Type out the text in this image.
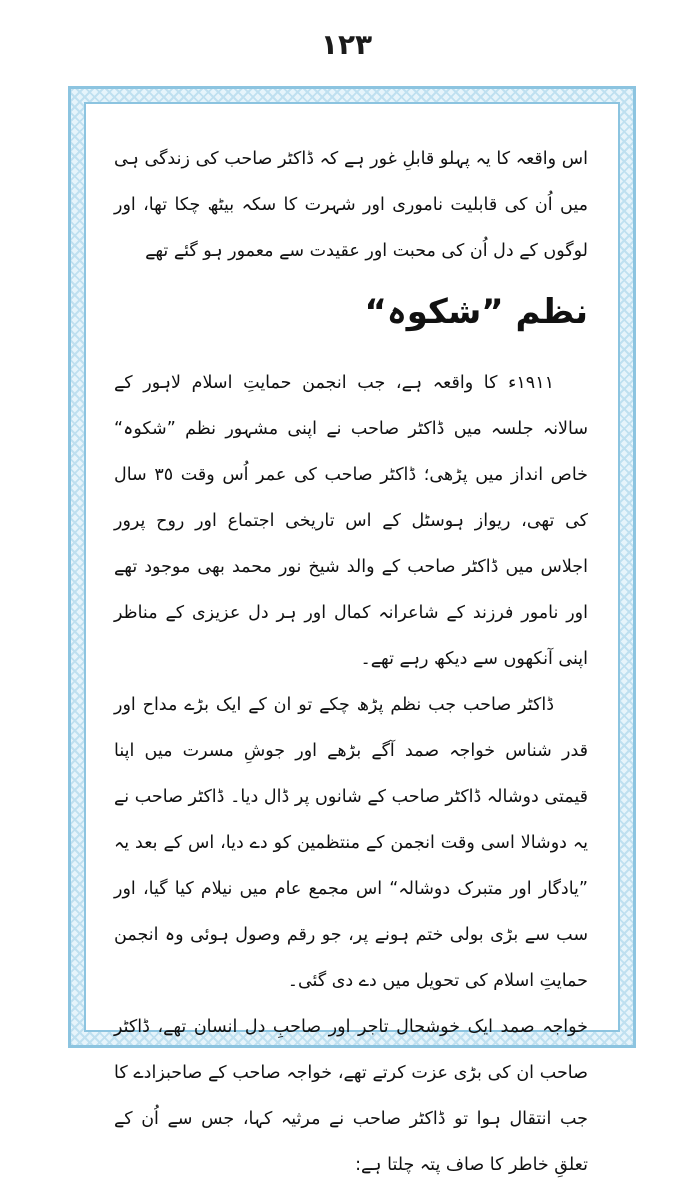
١٢٣

اس واقعہ کا یہ پہلو قابلِ غور ہے کہ ڈاکٹر صاحب کی زندگی ہی میں اُن کی قابلیت ناموری اور شہرت کا سکہ بیٹھ چکا تھا، اور لوگوں کے دل اُن کی محبت اور عقیدت سے معمور ہو گئے تھے

نظم ”شکوہ“

١٩١١ء کا واقعہ ہے، جب انجمن حمایتِ اسلام لاہور کے سالانہ جلسہ میں ڈاکٹر صاحب نے اپنی مشہور نظم ”شکوہ“ خاص انداز میں پڑھی؛ ڈاکٹر صاحب کی عمر اُس وقت ٣٥ سال کی تھی، ریواز ہوسٹل کے اس تاریخی اجتماع اور روح پرور اجلاس میں ڈاکٹر صاحب کے والد شیخ نور محمد بھی موجود تھے اور نامور فرزند کے شاعرانہ کمال اور ہر دل عزیزی کے مناظر اپنی آنکھوں سے دیکھ رہے تھے۔

ڈاکٹر صاحب جب نظم پڑھ چکے تو ان کے ایک بڑے مداح اور قدر شناس خواجہ صمد آگے بڑھے اور جوشِ مسرت میں اپنا قیمتی دوشالہ ڈاکٹر صاحب کے شانوں پر ڈال دیا۔ ڈاکٹر صاحب نے یہ دوشالا اسی وقت انجمن کے منتظمین کو دے دیا، اس کے بعد یہ ”یادگار اور متبرک دوشالہ“ اس مجمع عام میں نیلام کیا گیا، اور سب سے بڑی بولی ختم ہونے پر، جو رقم وصول ہوئی وہ انجمن حمایتِ اسلام کی تحویل میں دے دی گئی۔

خواجہ صمد ایک خوشحال تاجر اور صاحبِ دل انسان تھے، ڈاکٹر صاحب ان کی بڑی عزت کرتے تھے، خواجہ صاحب کے صاحبزادے کا جب انتقال ہوا تو ڈاکٹر صاحب نے مرثیہ کہا، جس سے اُن کے تعلقِ خاطر کا صاف پتہ چلتا ہے:
